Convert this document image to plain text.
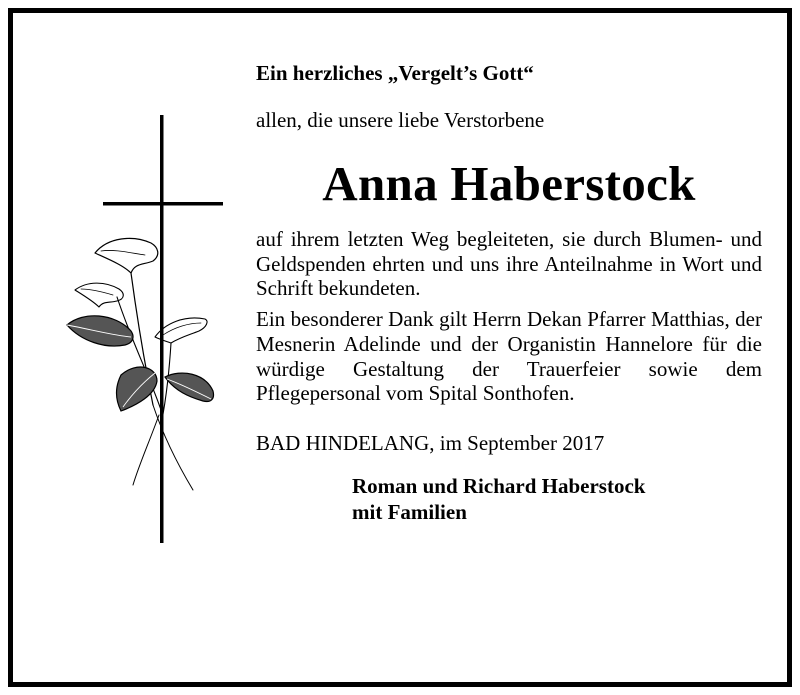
Ein herzliches „Vergelt’s Gott“

allen, die unsere liebe Verstorbene

Anna Haberstock

auf ihrem letzten Weg begleiteten, sie durch Blumen- und Geldspenden ehrten und uns ihre Anteilnahme in Wort und Schrift bekundeten.

Ein besonderer Dank gilt Herrn Dekan Pfarrer Matthias, der Mesnerin Adelinde und der Organistin Hannelore für die würdige Gestaltung der Trauerfeier sowie dem Pflegepersonal vom Spital Sonthofen.

BAD HINDELANG, im September 2017

Roman und Richard Haberstock
mit Familien
